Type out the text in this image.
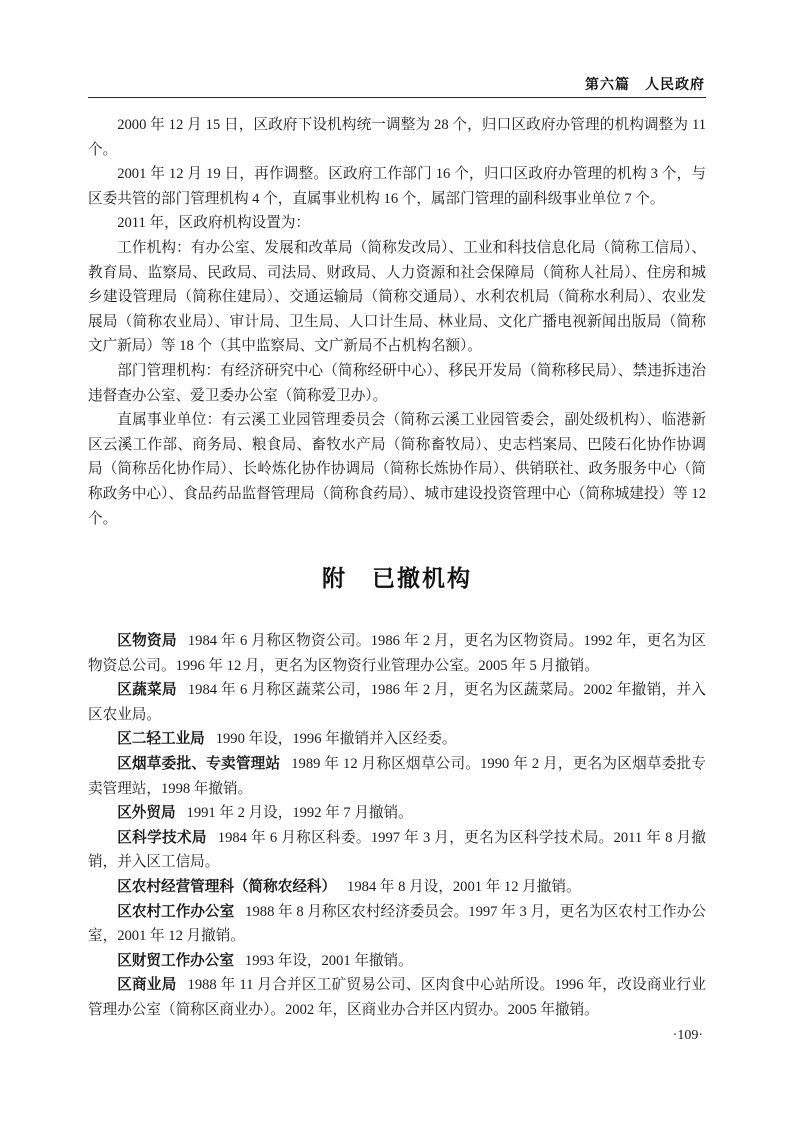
第六篇　人民政府

2000 年 12 月 15 日，区政府下设机构统一调整为 28 个，归口区政府办管理的机构调整为 11 个。

2001 年 12 月 19 日，再作调整。区政府工作部门 16 个，归口区政府办管理的机构 3 个，与区委共管的部门管理机构 4 个，直属事业机构 16 个，属部门管理的副科级事业单位 7 个。

2011 年，区政府机构设置为：

工作机构：有办公室、发展和改革局（简称发改局）、工业和科技信息化局（简称工信局）、教育局、监察局、民政局、司法局、财政局、人力资源和社会保障局（简称人社局）、住房和城乡建设管理局（简称住建局）、交通运输局（简称交通局）、水利农机局（简称水利局）、农业发展局（简称农业局）、审计局、卫生局、人口计生局、林业局、文化广播电视新闻出版局（简称文广新局）等 18 个（其中监察局、文广新局不占机构名额）。

部门管理机构：有经济研究中心（简称经研中心）、移民开发局（简称移民局）、禁违拆违治违督查办公室、爱卫委办公室（简称爱卫办）。

直属事业单位：有云溪工业园管理委员会（简称云溪工业园管委会，副处级机构）、临港新区云溪工作部、商务局、粮食局、畜牧水产局（简称畜牧局）、史志档案局、巴陵石化协作协调局（简称岳化协作局）、长岭炼化协作协调局（简称长炼协作局）、供销联社、政务服务中心（简称政务中心）、食品药品监督管理局（简称食药局）、城市建设投资管理中心（简称城建投）等 12 个。

附　已撤机构

区物资局 1984 年 6 月称区物资公司。1986 年 2 月，更名为区物资局。1992 年，更名为区物资总公司。1996 年 12 月，更名为区物资行业管理办公室。2005 年 5 月撤销。

区蔬菜局 1984 年 6 月称区蔬菜公司，1986 年 2 月，更名为区蔬菜局。2002 年撤销，并入区农业局。

区二轻工业局 1990 年设，1996 年撤销并入区经委。

区烟草委批、专卖管理站 1989 年 12 月称区烟草公司。1990 年 2 月，更名为区烟草委批专卖管理站，1998 年撤销。

区外贸局 1991 年 2 月设，1992 年 7 月撤销。

区科学技术局 1984 年 6 月称区科委。1997 年 3 月，更名为区科学技术局。2011 年 8 月撤销，并入区工信局。

区农村经营管理科（简称农经科） 1984 年 8 月设，2001 年 12 月撤销。

区农村工作办公室 1988 年 8 月称区农村经济委员会。1997 年 3 月，更名为区农村工作办公室，2001 年 12 月撤销。

区财贸工作办公室 1993 年设，2001 年撤销。

区商业局 1988 年 11 月合并区工矿贸易公司、区肉食中心站所设。1996 年，改设商业行业管理办公室（简称区商业办）。2002 年，区商业办合并区内贸办。2005 年撤销。

·109·
